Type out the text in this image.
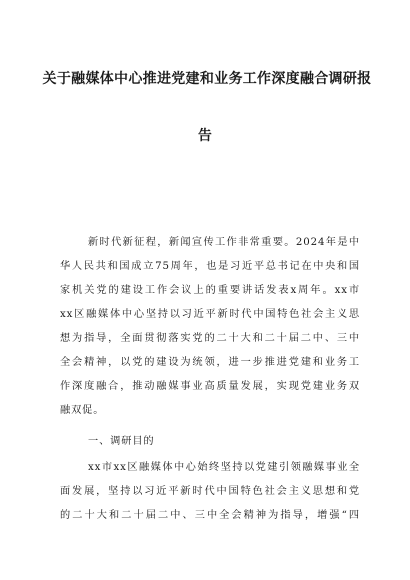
关于融媒体中心推进党建和业务工作深度融合调研报
告
新时代新征程，新闻宣传工作非常重要。2024年是中
华人民共和国成立75周年，也是习近平总书记在中央和国
家机关党的建设工作会议上的重要讲话发表x周年。xx市
xx区融媒体中心坚持以习近平新时代中国特色社会主义思
想为指导，全面贯彻落实党的二十大和二十届二中、三中
全会精神，以党的建设为统领，进一步推进党建和业务工
作深度融合，推动融媒事业高质量发展，实现党建业务双
融双促。
一、调研目的
xx市xx区融媒体中心始终坚持以党建引领融媒事业全
面发展，坚持以习近平新时代中国特色社会主义思想和党
的二十大和二十届二中、三中全会精神为指导，增强“四
